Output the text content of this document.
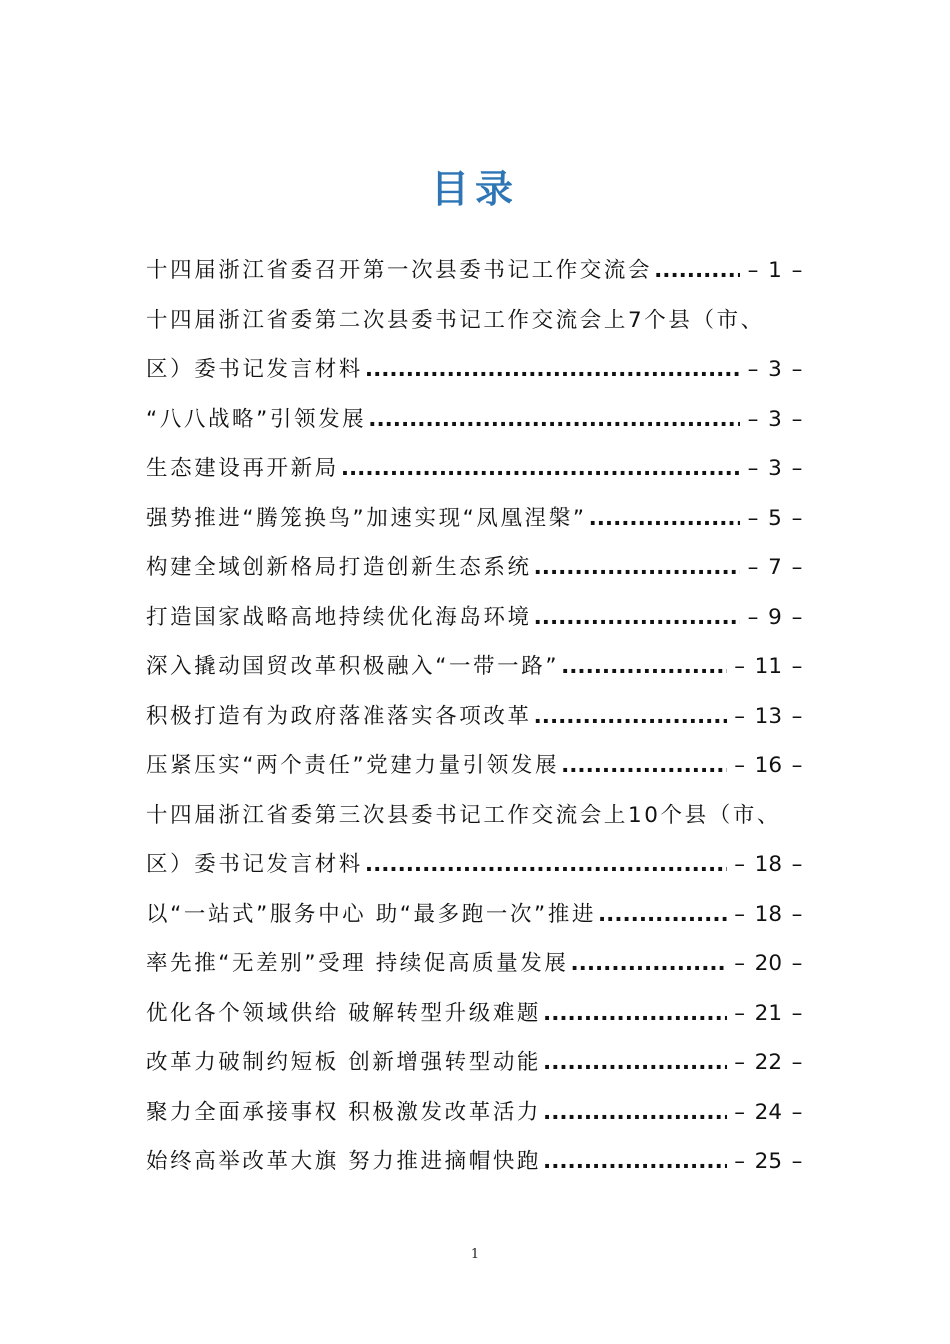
目录
十四届浙江省委召开第一次县委书记工作交流会 .....	– 1 –
十四届浙江省委第二次县委书记工作交流会上7个县（市、
区）委书记发言材料 .....	– 3 –
“八八战略”引领发展 .....	– 3 –
生态建设再开新局 .....	– 3 –
强势推进“腾笼换鸟”加速实现“凤凰涅槃” .....	– 5 –
构建全域创新格局打造创新生态系统 .....	– 7 –
打造国家战略高地持续优化海岛环境 .....	– 9 –
深入撬动国贸改革积极融入“一带一路” .....	– 11 –
积极打造有为政府落准落实各项改革 .....	– 13 –
压紧压实“两个责任”党建力量引领发展 .....	– 16 –
十四届浙江省委第三次县委书记工作交流会上10个县（市、
区）委书记发言材料 .....	– 18 –
以“一站式”服务中心 助“最多跑一次”推进 .....	– 18 –
率先推“无差别”受理 持续促高质量发展 .....	– 20 –
优化各个领域供给 破解转型升级难题 .....	– 21 –
改革力破制约短板 创新增强转型动能 .....	– 22 –
聚力全面承接事权 积极激发改革活力 .....	– 24 –
始终高举改革大旗 努力推进摘帽快跑 .....	– 25 –
1
